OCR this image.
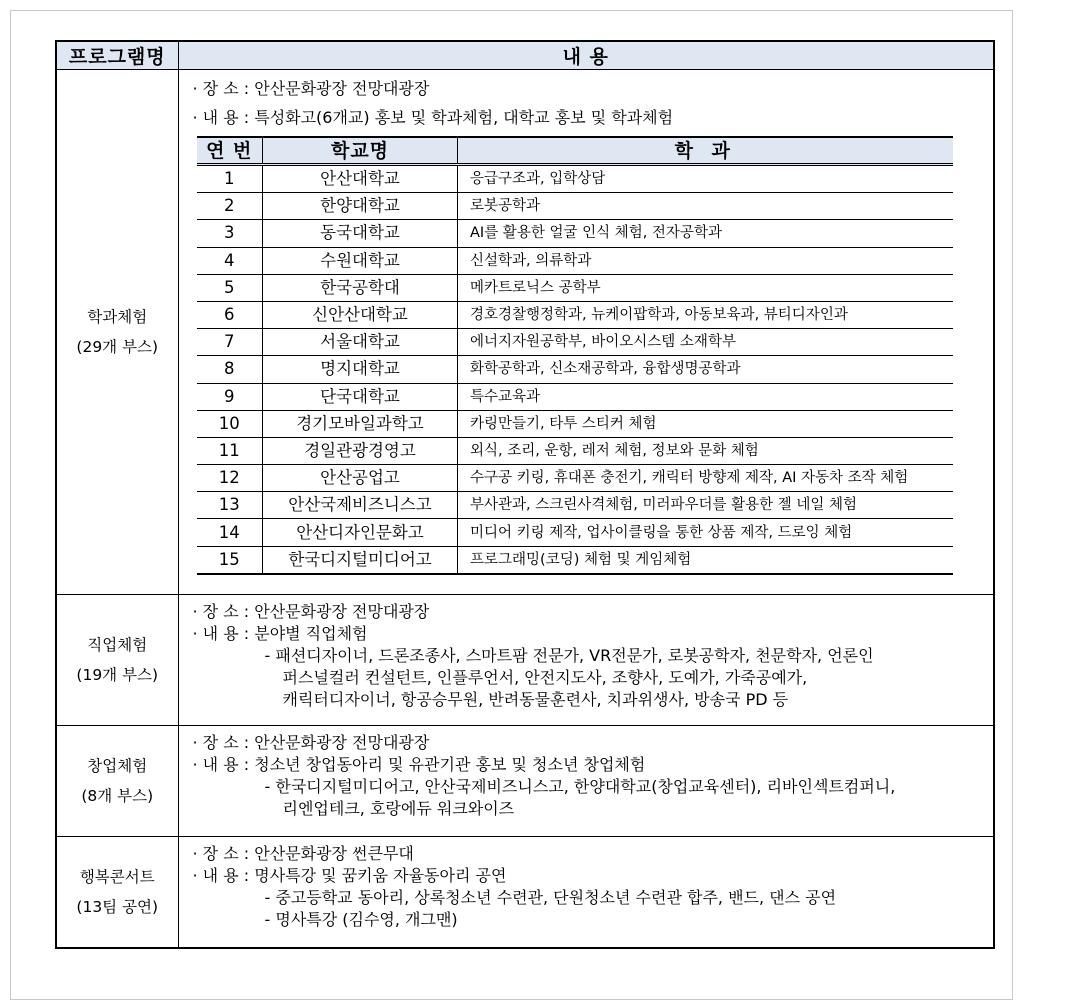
프로그램명	내 용

학과체험
(29개 부스)

· 장 소 : 안산문화광장 전망대광장
· 내 용 : 특성화고(6개교) 홍보 및 학과체험, 대학교 홍보 및 학과체험
연 번	학교명	학 과
1	안산대학교	응급구조과, 입학상담
2	한양대학교	로봇공학과
3	동국대학교	AI를 활용한 얼굴 인식 체험, 전자공학과
4	수원대학교	신설학과, 의류학과
5	한국공학대	메카트로닉스 공학부
6	신안산대학교	경호경찰행정학과, 뉴케이팝학과, 아동보육과, 뷰티디자인과
7	서울대학교	에너지자원공학부, 바이오시스템 소재학부
8	명지대학교	화학공학과, 신소재공학과, 융합생명공학과
9	단국대학교	특수교육과
10	경기모바일과학고	카링만들기, 타투 스티커 체험
11	경일관광경영고	외식, 조리, 운항, 레저 체험, 정보와 문화 체험
12	안산공업고	수구공 키링, 휴대폰 충전기, 캐릭터 방향제 제작, AI 자동차 조작 체험
13	안산국제비즈니스고	부사관과, 스크린사격체험, 미러파우더를 활용한 젤 네일 체험
14	안산디자인문화고	미디어 키링 제작, 업사이클링을 통한 상품 제작, 드로잉 체험
15	한국디지털미디어고	프로그래밍(코딩) 체험 및 게임체험

직업체험
(19개 부스)

· 장 소 : 안산문화광장 전망대광장
· 내 용 : 분야별 직업체험
- 패션디자이너, 드론조종사, 스마트팜 전문가, VR전문가, 로봇공학자, 천문학자, 언론인
퍼스널컬러 컨설턴트, 인플루언서, 안전지도사, 조향사, 도예가, 가죽공예가,
캐릭터디자이너, 항공승무원, 반려동물훈련사, 치과위생사, 방송국 PD 등

창업체험
(8개 부스)

· 장 소 : 안산문화광장 전망대광장
· 내 용 : 청소년 창업동아리 및 유관기관 홍보 및 청소년 창업체험
- 한국디지털미디어고, 안산국제비즈니스고, 한양대학교(창업교육센터), 리바인섹트컴퍼니,
리엔업테크, 호랑에듀 워크와이즈

행복콘서트
(13팀 공연)

· 장 소 : 안산문화광장 썬큰무대
· 내 용 : 명사특강 및 꿈키움 자율동아리 공연
- 중고등학교 동아리, 상록청소년 수련관, 단원청소년 수련관 합주, 밴드, 댄스 공연
- 명사특강 (김수영, 개그맨)
